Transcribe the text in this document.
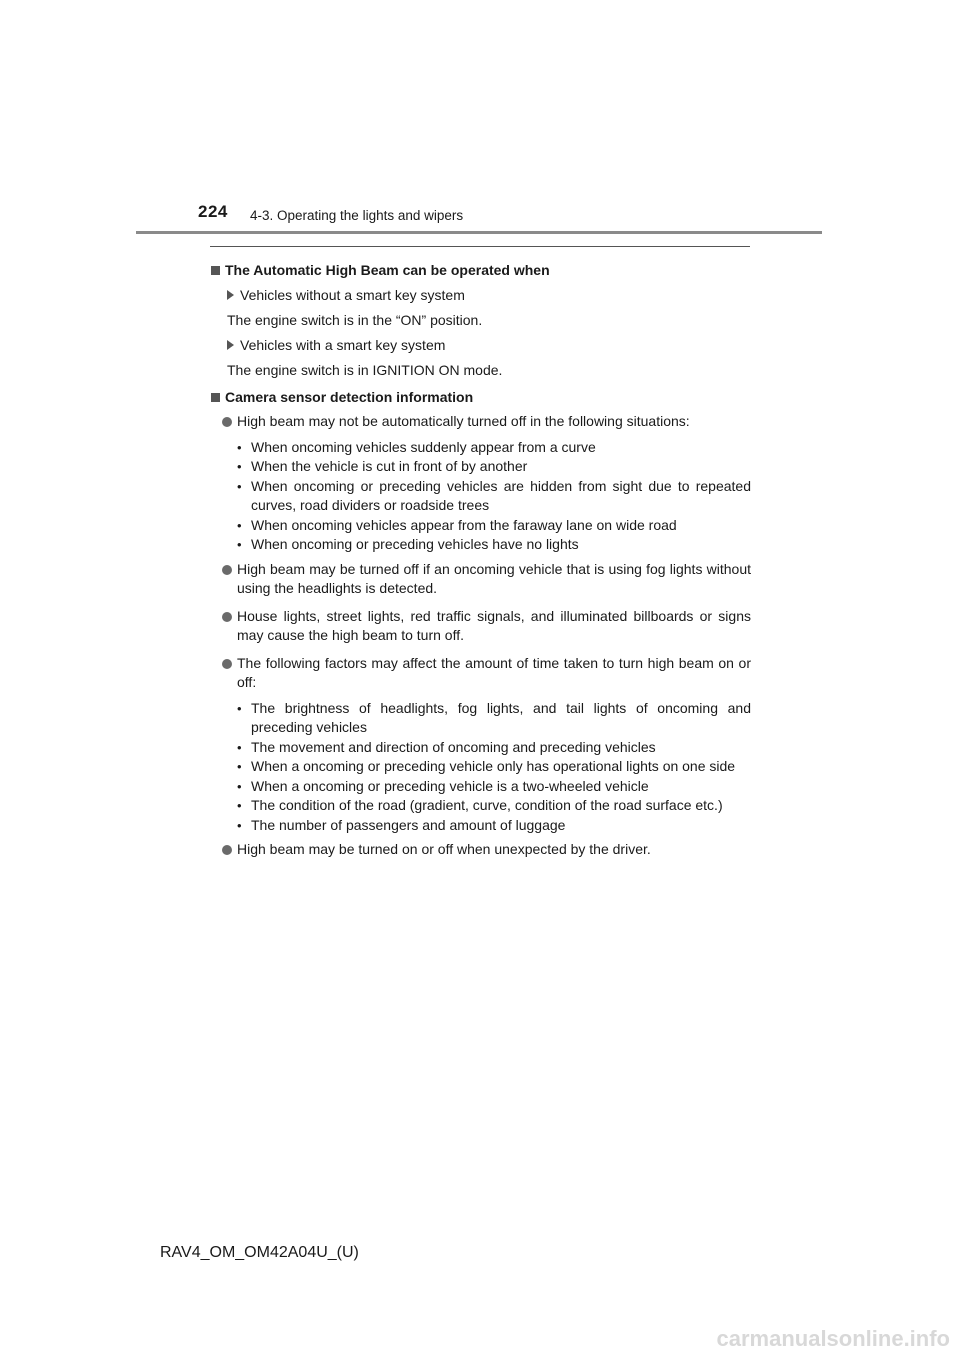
224 4-3. Operating the lights and wipers
The Automatic High Beam can be operated when
Vehicles without a smart key system
The engine switch is in the “ON” position.
Vehicles with a smart key system
The engine switch is in IGNITION ON mode.
Camera sensor detection information
High beam may not be automatically turned off in the following situations:
• When oncoming vehicles suddenly appear from a curve
• When the vehicle is cut in front of by another
• When oncoming or preceding vehicles are hidden from sight due to repeated curves, road dividers or roadside trees
• When oncoming vehicles appear from the faraway lane on wide road
• When oncoming or preceding vehicles have no lights
High beam may be turned off if an oncoming vehicle that is using fog lights without using the headlights is detected.
House lights, street lights, red traffic signals, and illuminated billboards or signs may cause the high beam to turn off.
The following factors may affect the amount of time taken to turn high beam on or off:
• The brightness of headlights, fog lights, and tail lights of oncoming and preceding vehicles
• The movement and direction of oncoming and preceding vehicles
• When a oncoming or preceding vehicle only has operational lights on one side
• When a oncoming or preceding vehicle is a two-wheeled vehicle
• The condition of the road (gradient, curve, condition of the road surface etc.)
• The number of passengers and amount of luggage
High beam may be turned on or off when unexpected by the driver.
RAV4_OM_OM42A04U_(U)
carmanualsonline.info
